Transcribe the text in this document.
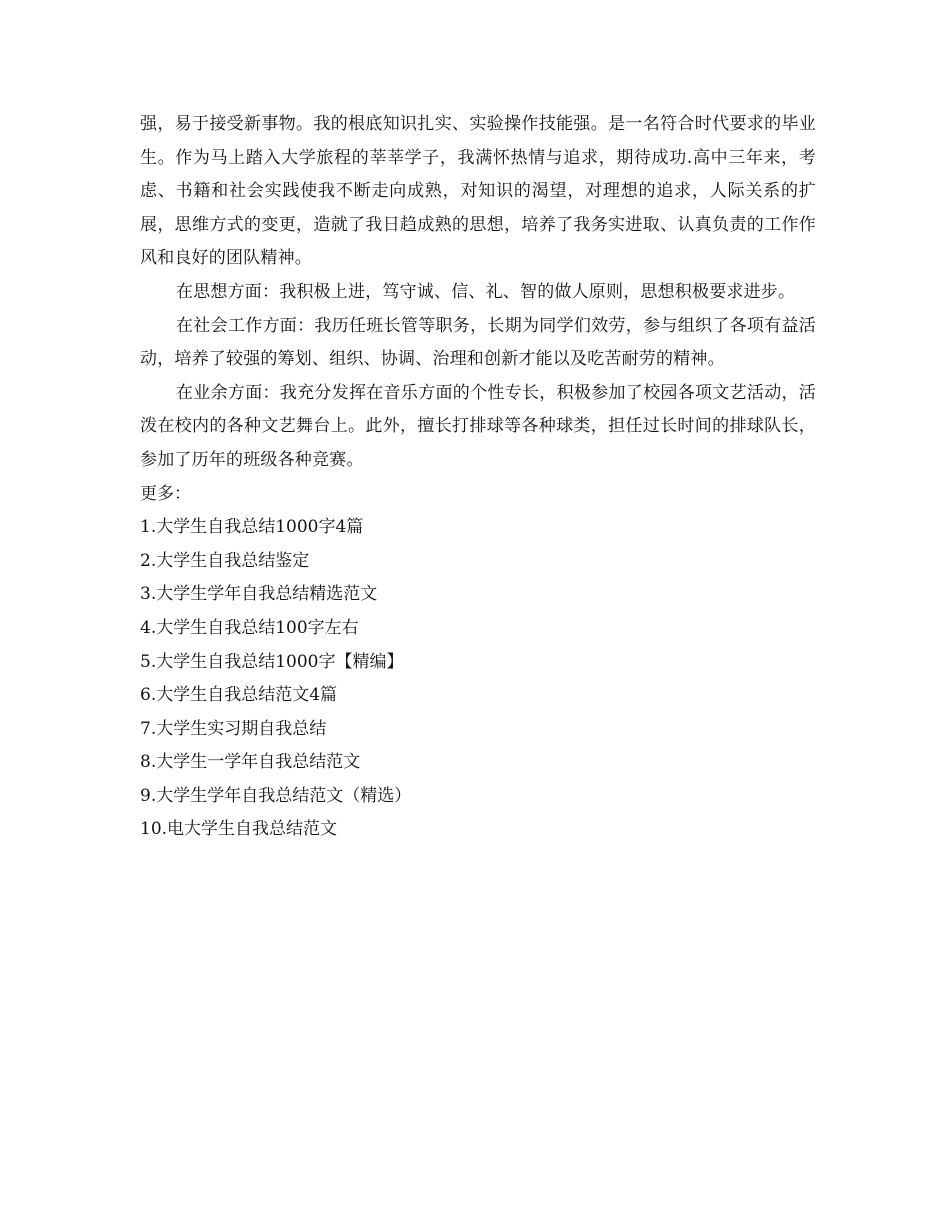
强，易于接受新事物。我的根底知识扎实、实验操作技能强。是一名符合时代要求的毕业生。作为马上踏入大学旅程的莘莘学子，我满怀热情与追求，期待成功.高中三年来，考虑、书籍和社会实践使我不断走向成熟，对知识的渴望，对理想的追求，人际关系的扩展，思维方式的变更，造就了我日趋成熟的思想，培养了我务实进取、认真负责的工作作风和良好的团队精神。

在思想方面：我积极上进，笃守诚、信、礼、智的做人原则，思想积极要求进步。

在社会工作方面：我历任班长管等职务，长期为同学们效劳，参与组织了各项有益活动，培养了较强的筹划、组织、协调、治理和创新才能以及吃苦耐劳的精神。

在业余方面：我充分发挥在音乐方面的个性专长，积极参加了校园各项文艺活动，活泼在校内的各种文艺舞台上。此外，擅长打排球等各种球类，担任过长时间的排球队长，参加了历年的班级各种竞赛。

更多：

1.大学生自我总结1000字4篇
2.大学生自我总结鉴定
3.大学生学年自我总结精选范文
4.大学生自我总结100字左右
5.大学生自我总结1000字【精编】
6.大学生自我总结范文4篇
7.大学生实习期自我总结
8.大学生一学年自我总结范文
9.大学生学年自我总结范文（精选）
10.电大学生自我总结范文
